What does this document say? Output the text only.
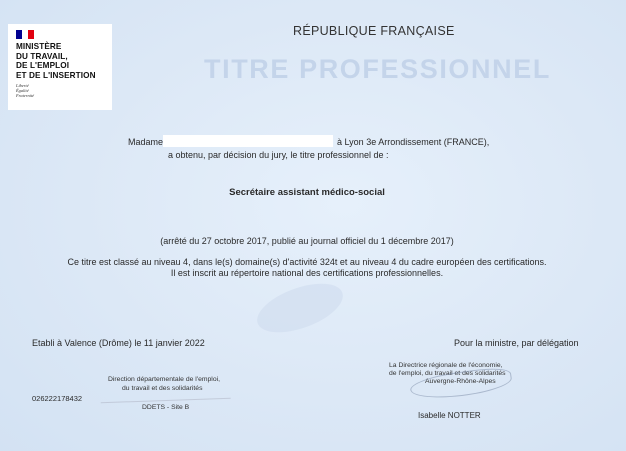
MINISTÈRE
DU TRAVAIL,
DE L'EMPLOI
ET DE L'INSERTION
Liberté
Égalité
Fraternité
RÉPUBLIQUE FRANÇAISE
TITRE PROFESSIONNEL
Madame	à Lyon 3e Arrondissement (FRANCE),
a obtenu, par décision du jury, le titre professionnel de :
Secrétaire assistant médico-social
(arrêté du 27 octobre 2017, publié au journal officiel du 1 décembre 2017)
Ce titre est classé au niveau 4, dans le(s) domaine(s) d'activité 324t et au niveau 4 du cadre européen des certifications.
Il est inscrit au répertoire national des certifications professionnelles.
Etabli à Valence (Drôme) le 11 janvier 2022	Pour la ministre, par délégation
Direction départementale de l'emploi,
du travail et des solidarités
DDETS - Site B
026222178432
La Directrice régionale de l'économie,
de l'emploi, du travail et des solidarités
Auvergne-Rhône-Alpes
Isabelle NOTTER
